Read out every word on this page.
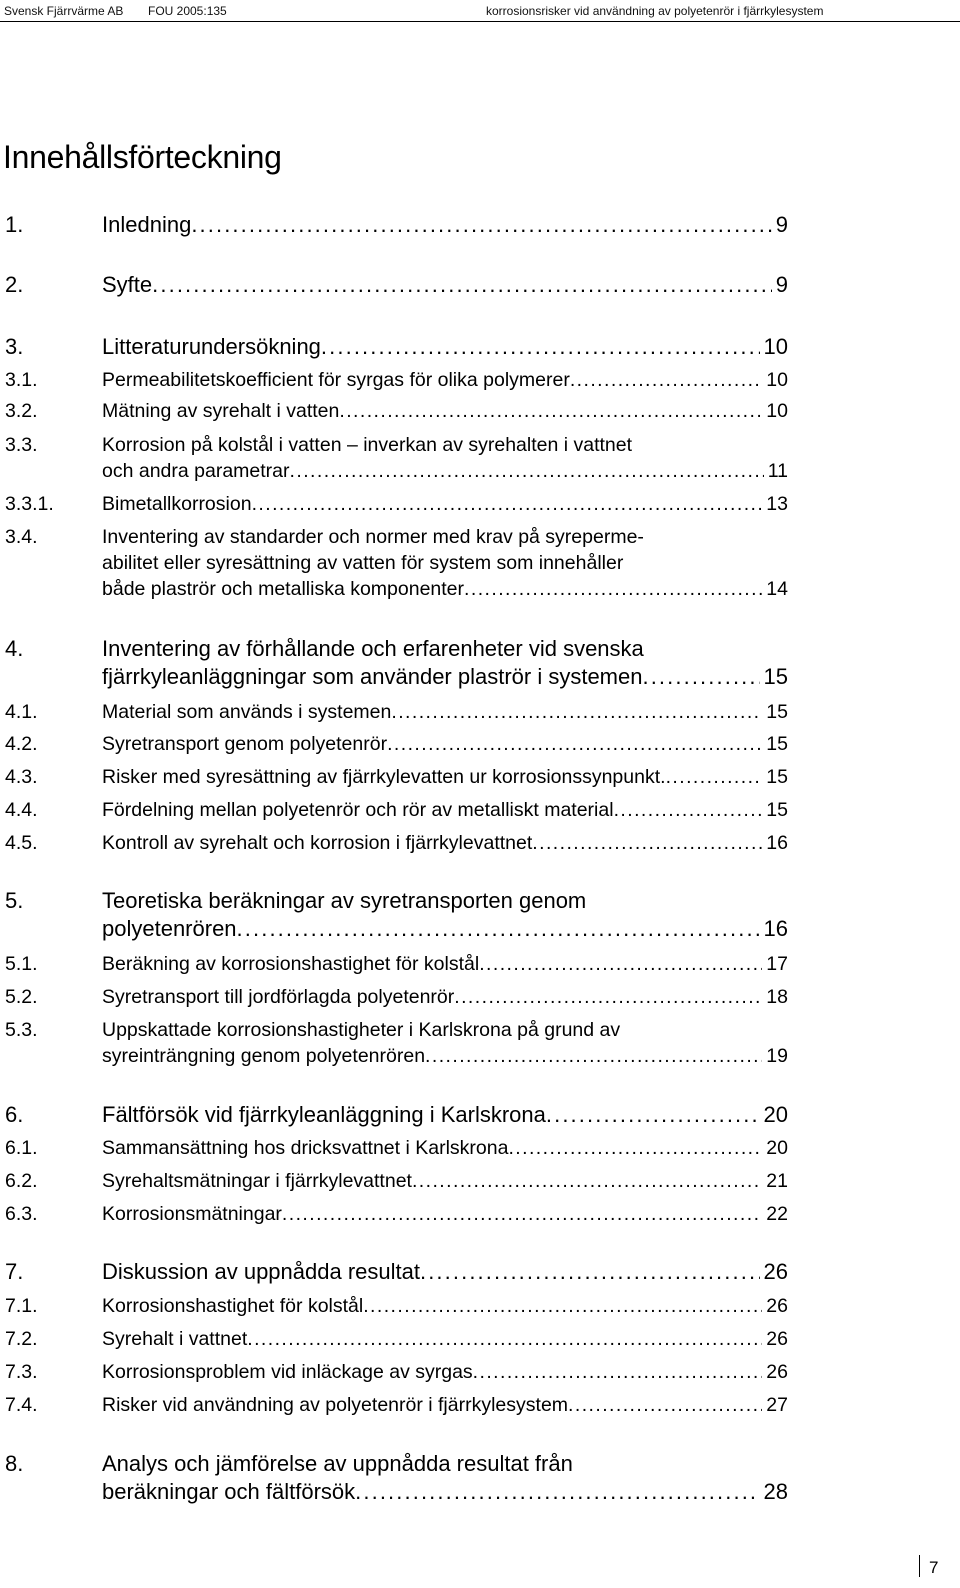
Svensk Fjärrvärme AB FOU 2005:135	korrosionsrisker vid användning av polyetenrör i fjärrkylesystem
Innehållsförteckning
1.	Inledning . . .	9
2.	Syfte . . .	9
3.	Litteraturundersökning . . .	10
3.1.	Permeabilitetskoefficient för syrgas för olika polymerer . . .	10
3.2.	Mätning av syrehalt i vatten . . .	10
3.3.	Korrosion på kolstål i vatten – inverkan av syrehalten i vattnet
och andra parametrar . . .	11
3.3.1. Bimetallkorrosion . . .	13
3.4.	Inventering av standarder och normer med krav på syreperme-
abilitet eller syresättning av vatten för system som innehåller
både plaströr och metalliska komponenter . . .	14
4.	Inventering av förhållande och erfarenheter vid svenska
fjärrkyleanläggningar som använder plaströr i systemen . . .	15
4.1.	Material som används i systemen . . .	15
4.2.	Syretransport genom polyetenrör . . .	15
4.3.	Risker med syresättning av fjärrkylevatten ur korrosionssynpunkt. . . .	15
4.4.	Fördelning mellan polyetenrör och rör av metalliskt material . . .	15
4.5.	Kontroll av syrehalt och korrosion i fjärrkylevattnet . . .	16
5.	Teoretiska beräkningar av syretransporten genom
polyetenrören . . .	16
5.1.	Beräkning av korrosionshastighet för kolstål . . .	17
5.2.	Syretransport till jordförlagda polyetenrör . . .	18
5.3.	Uppskattade korrosionshastigheter i Karlskrona på grund av
syreinträngning genom polyetenrören . . .	19
6.	Fältförsök vid fjärrkyleanläggning i Karlskrona . . .	20
6.1.	Sammansättning hos dricksvattnet i Karlskrona . . .	20
6.2.	Syrehaltsmätningar i fjärrkylevattnet . . .	21
6.3.	Korrosionsmätningar . . .	22
7.	Diskussion av uppnådda resultat . . .	26
7.1.	Korrosionshastighet för kolstål . . .	26
7.2.	Syrehalt i vattnet . . .	26
7.3.	Korrosionsproblem vid inläckage av syrgas . . .	26
7.4.	Risker vid användning av polyetenrör i fjärrkylesystem . . .	27
8.	Analys och jämförelse av uppnådda resultat från
beräkningar och fältförsök . . .	28
7
